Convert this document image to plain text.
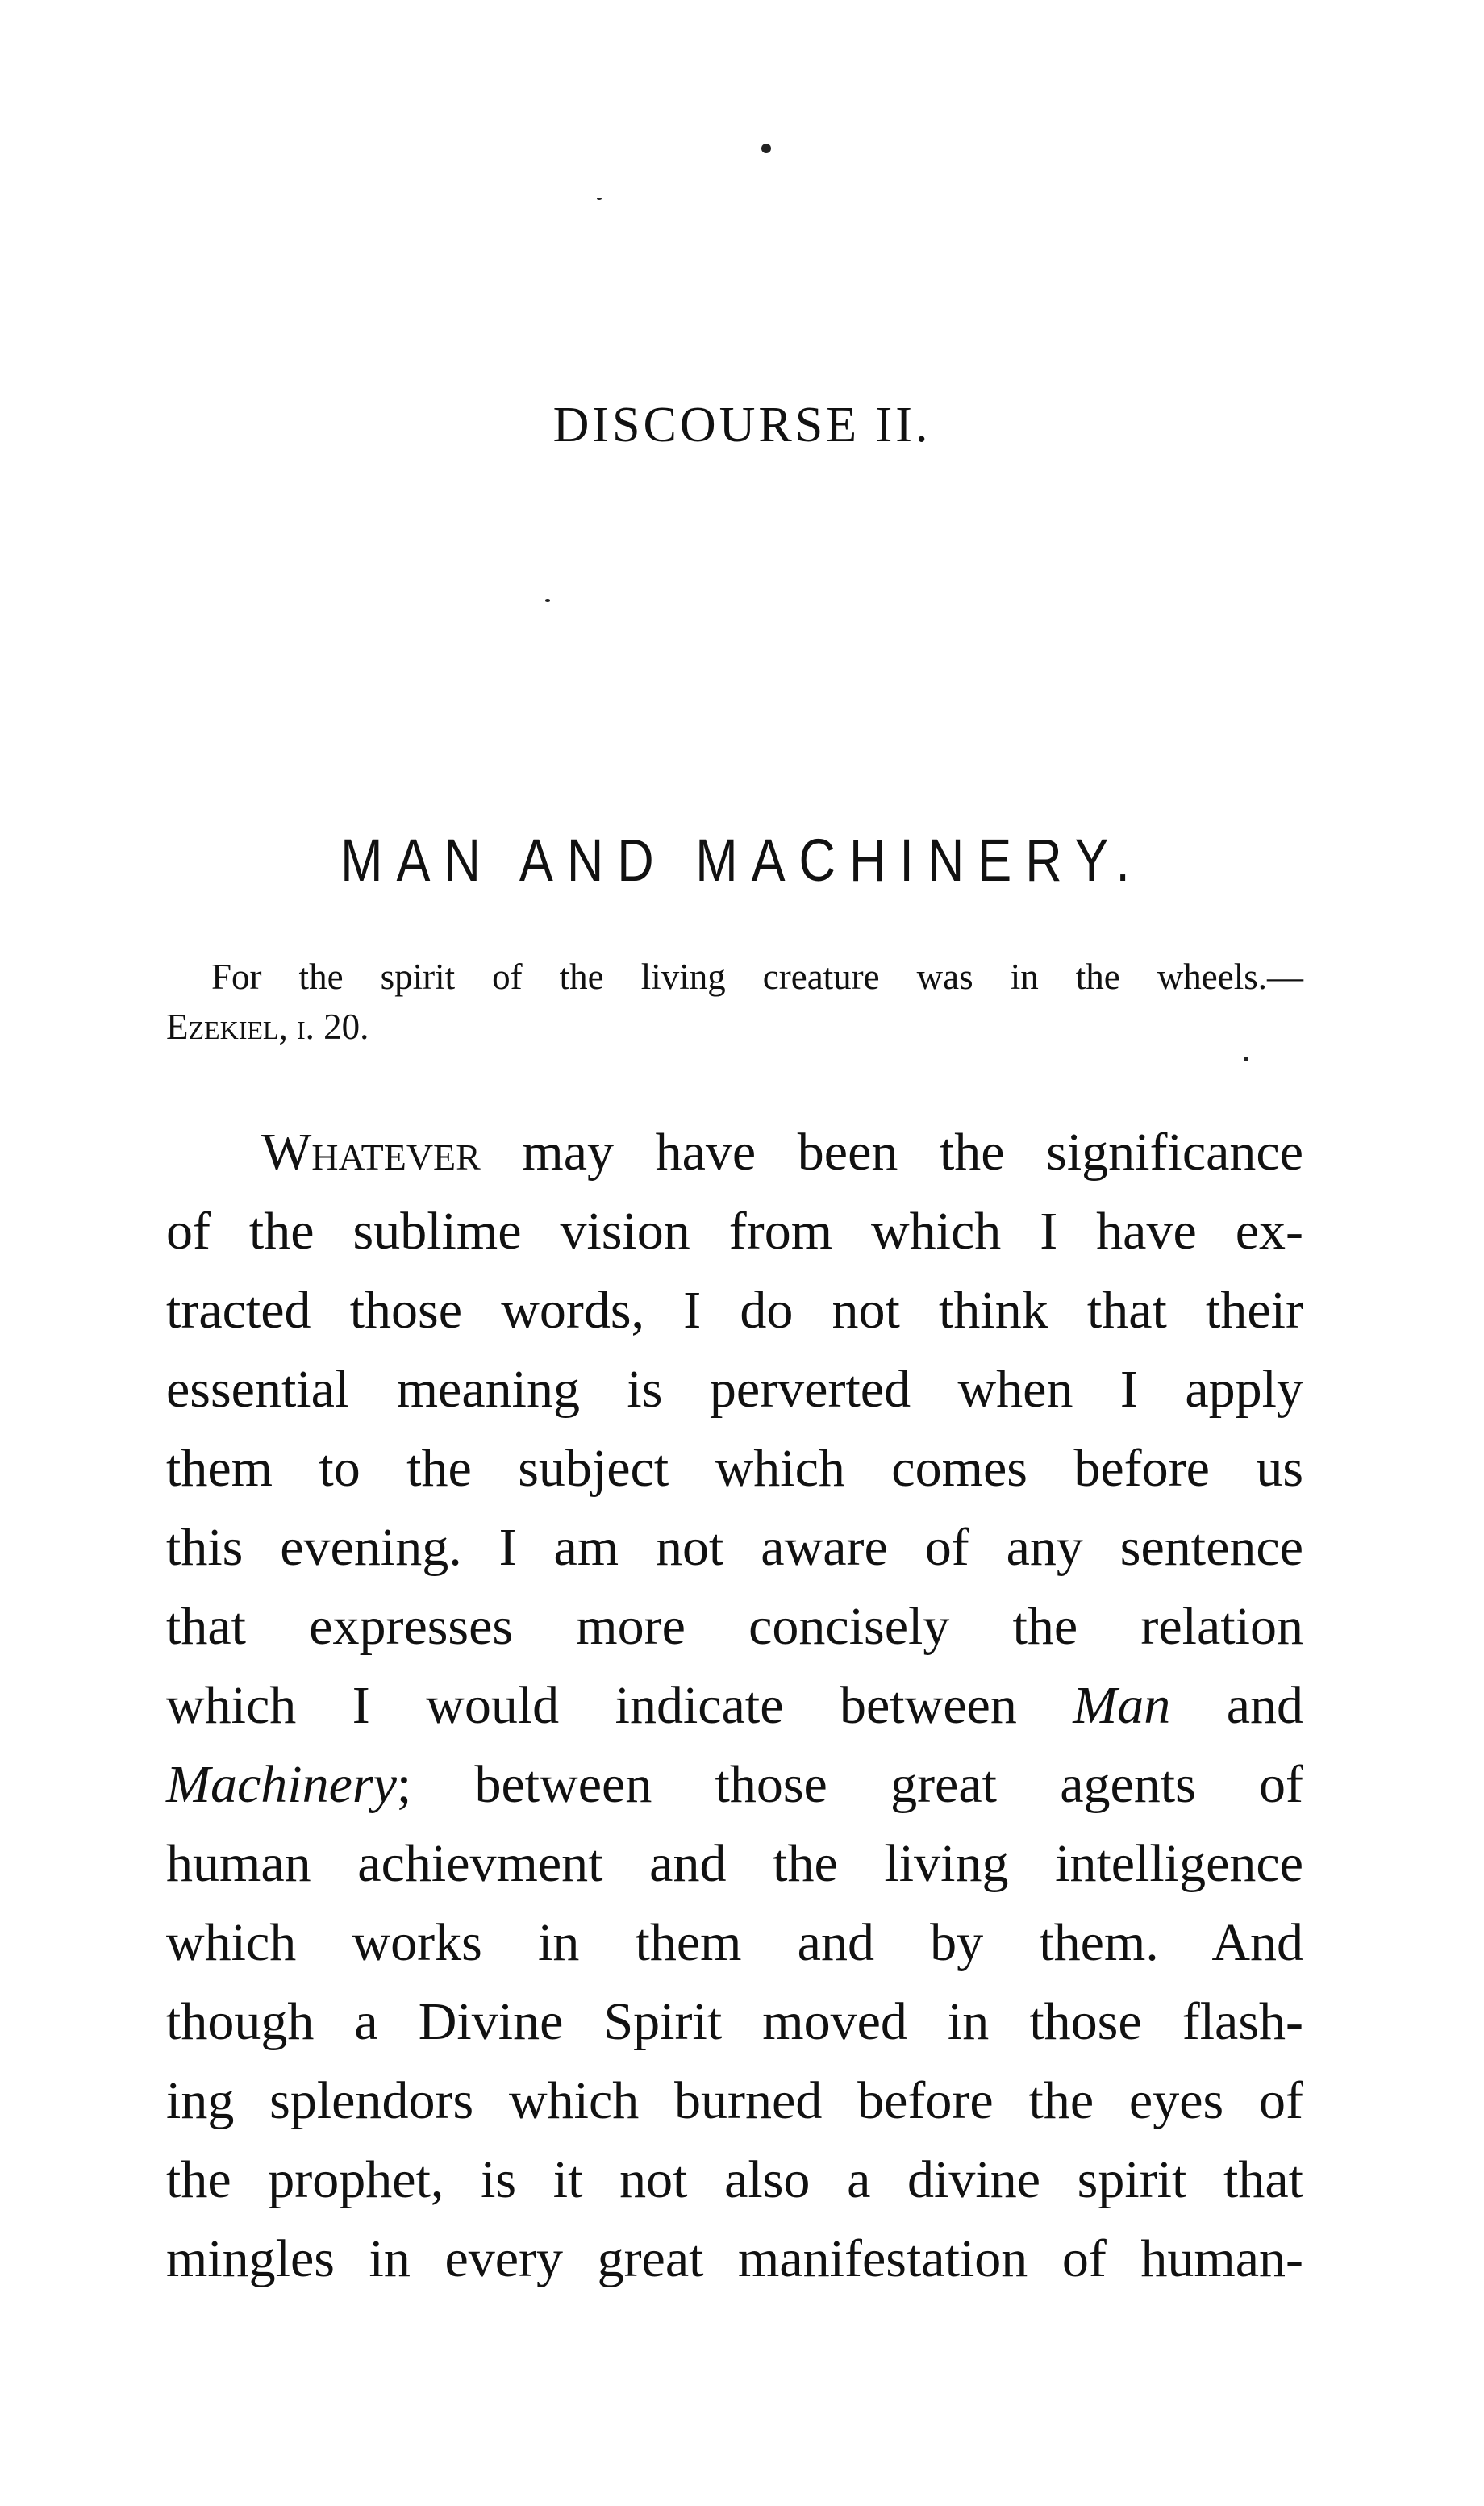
DISCOURSE II.
MAN AND MACHINERY.
For the spirit of the living creature was in the wheels.—
Ezekiel, i. 20.
Whatever may have been the significance
of the sublime vision from which I have ex-
tracted those words, I do not think that their
essential meaning is perverted when I apply
them to the subject which comes before us
this evening. I am not aware of any sentence
that expresses more concisely the relation
which I would indicate between Man and
Machinery; between those great agents of
human achievment and the living intelligence
which works in them and by them. And
though a Divine Spirit moved in those flash-
ing splendors which burned before the eyes of
the prophet, is it not also a divine spirit that
mingles in every great manifestation of human-
